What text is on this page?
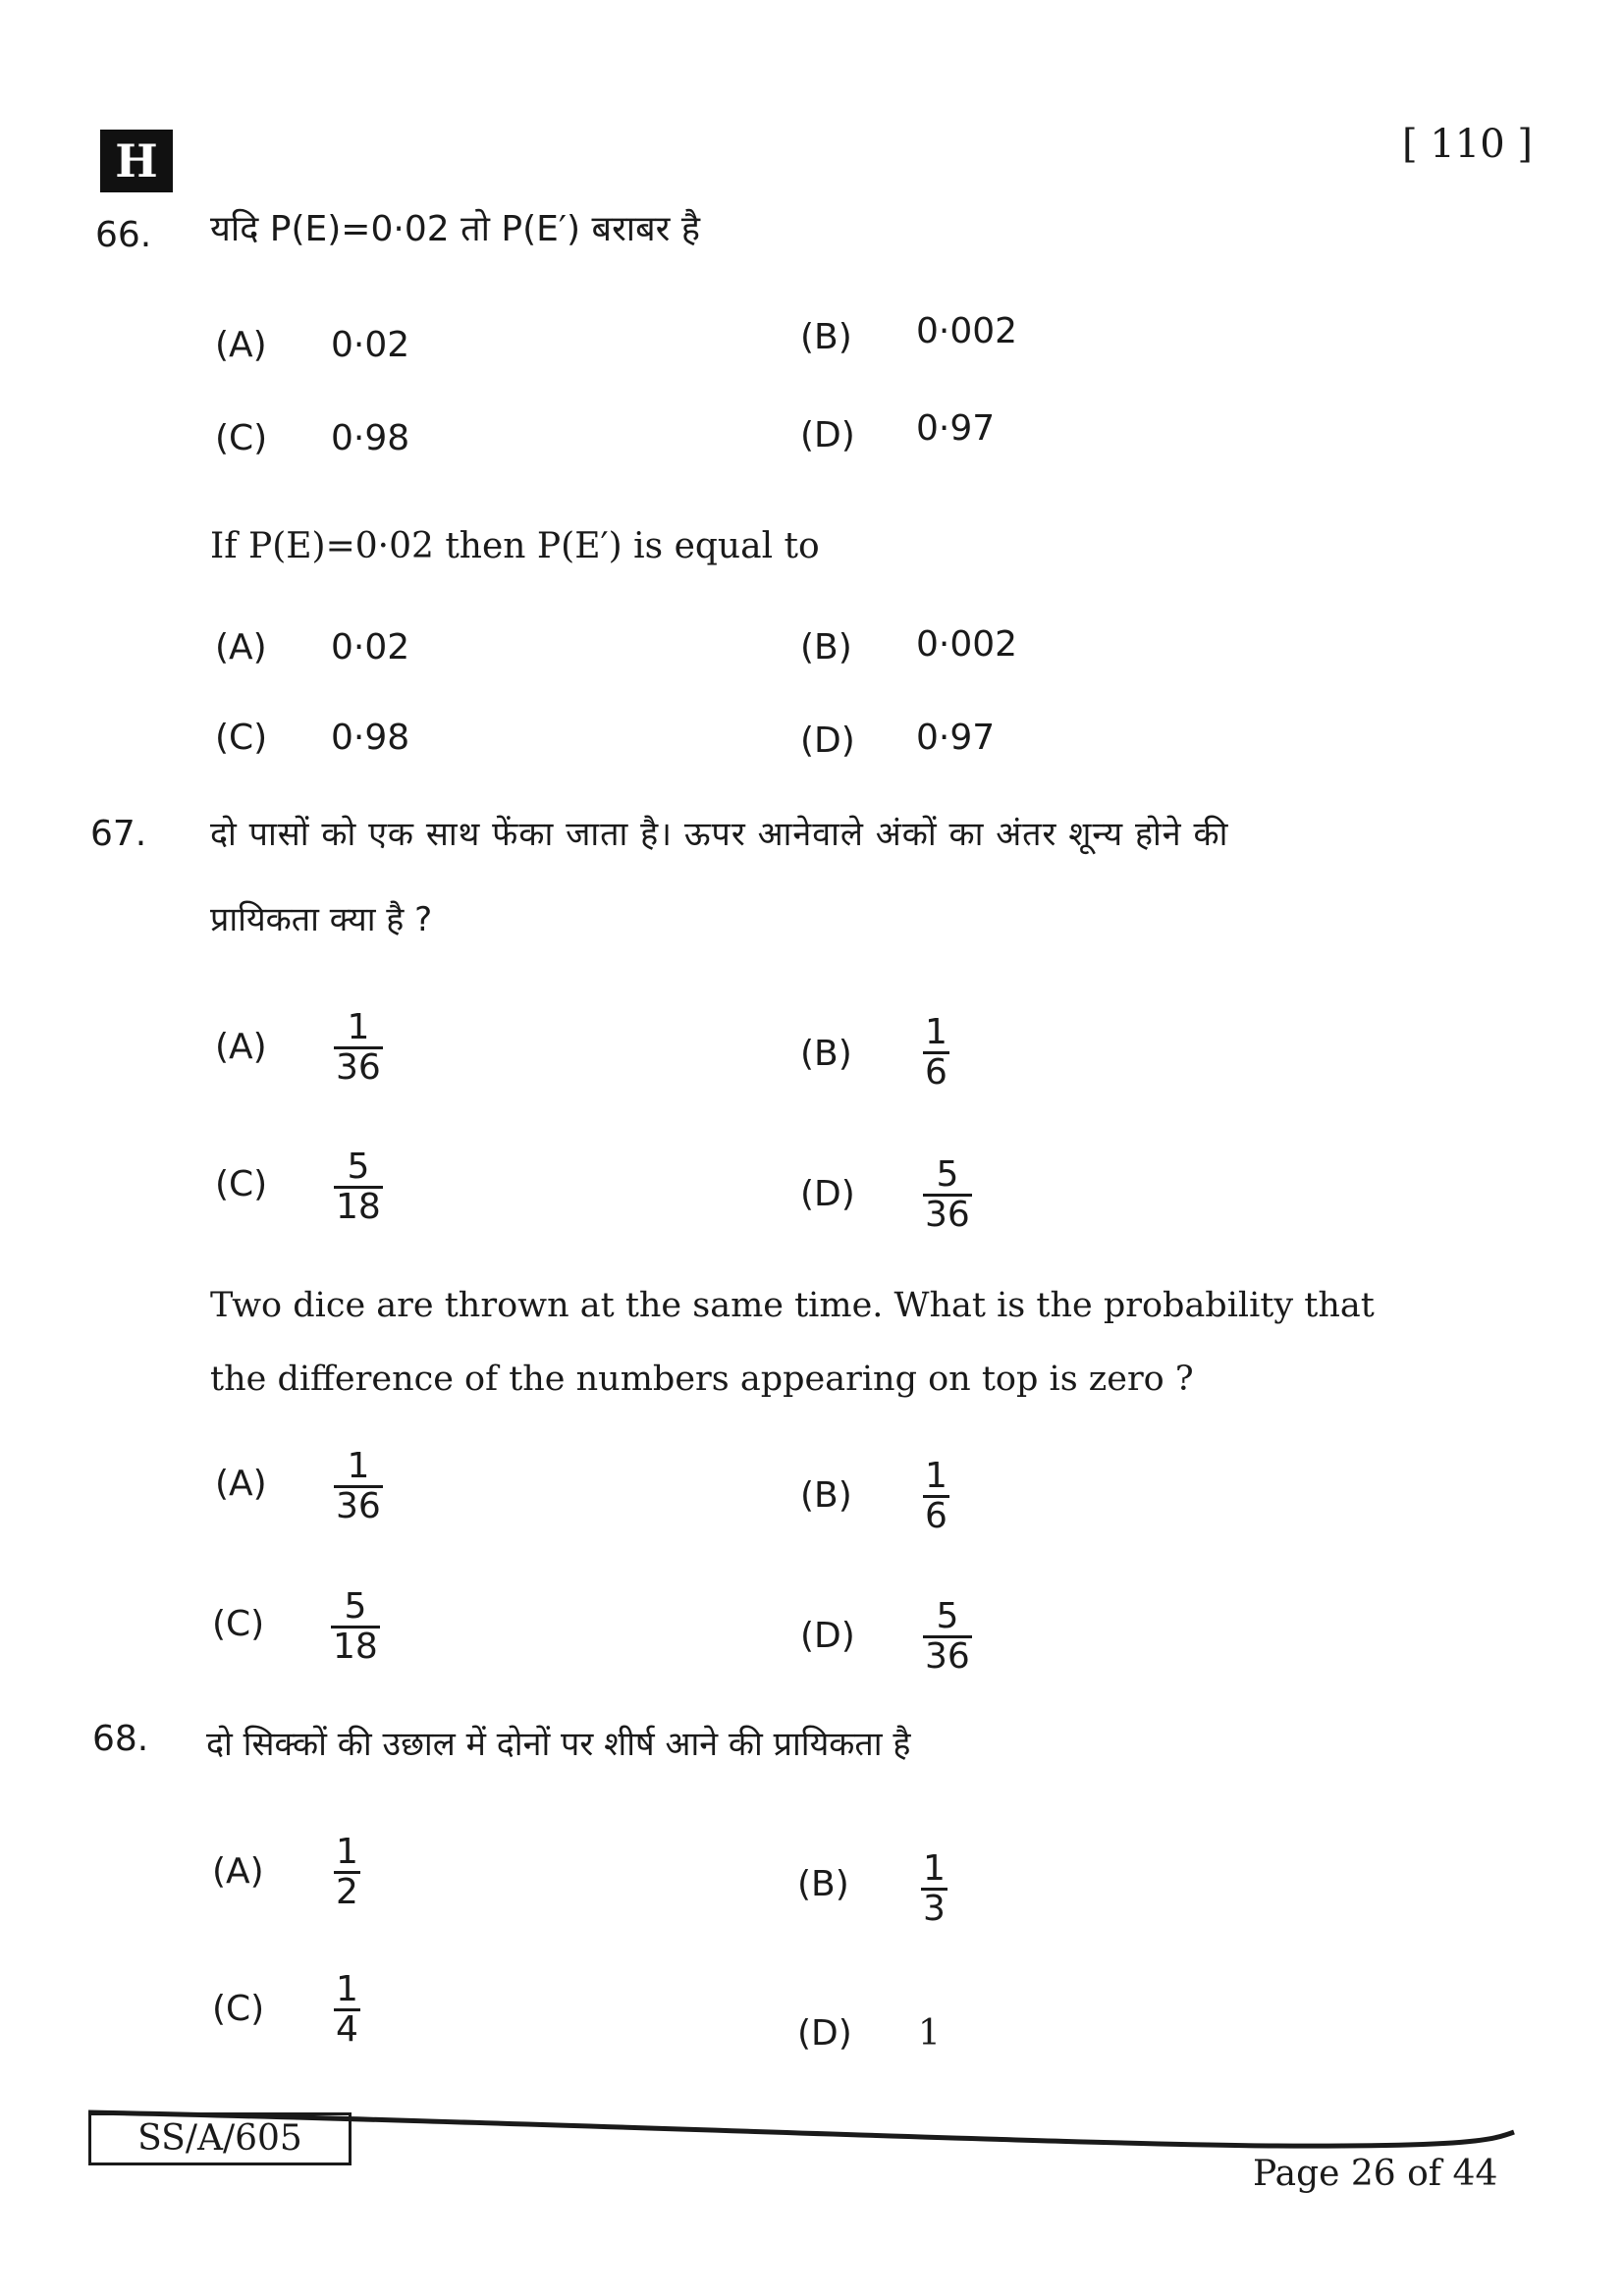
H	[ 110 ]
66. यदि P(E)=0·02 तो P(E′) बराबर है
(A) 0·02	(B) 0·002
(C) 0·98	(D) 0·97
If P(E)=0·02 then P(E′) is equal to
(A) 0·02	(B) 0·002
(C) 0·98	(D) 0·97
67. दो पासों को एक साथ फेंका जाता है। ऊपर आनेवाले अंकों का अंतर शून्य होने की
प्रायिकता क्या है ?
$(A) \frac{1}{36}$	$(B) \frac{1}{6}$
$(C) \frac{5}{18}$	$(D) \frac{5}{36}$
Two dice are thrown at the same time. What is the probability that
the difference of the numbers appearing on top is zero ?
$(A) \frac{1}{36}$	$(B) \frac{1}{6}$
$(C) \frac{5}{18}$	$(D) \frac{5}{36}$
68. दो सिक्कों की उछाल में दोनों पर शीर्ष आने की प्रायिकता है
$(A) \frac{1}{2}$	$(B) \frac{1}{3}$
$(C) \frac{1}{4}$	(D) 1
SS/A/605
Page 26 of 44
